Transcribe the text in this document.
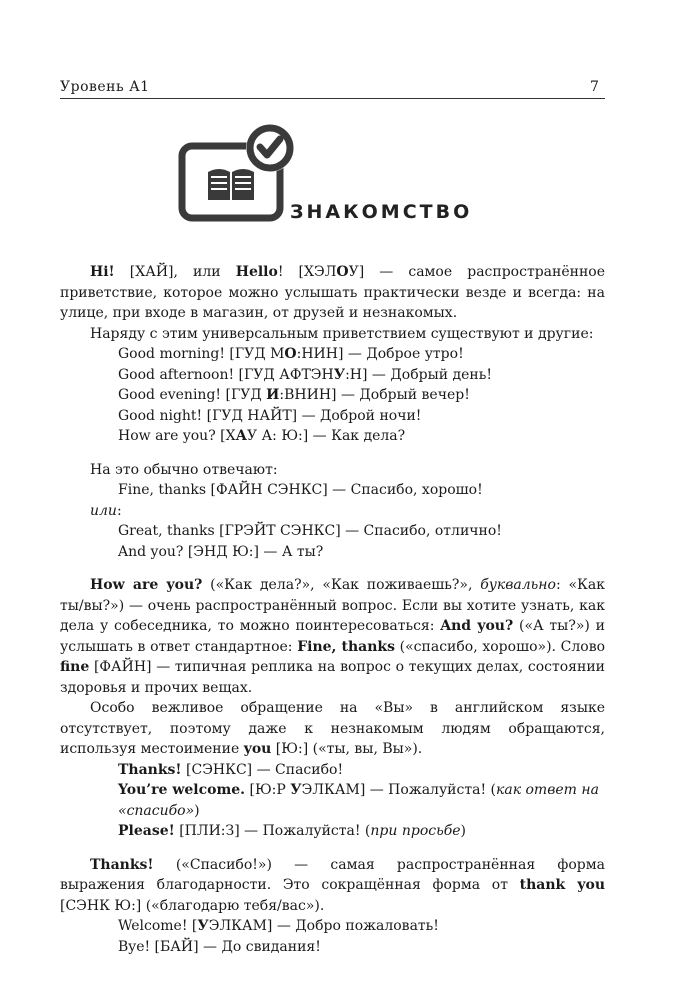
Уровень А1	7
ЗНАКОМСТВО

Hi! [ХАЙ], или Hello! [ХЭЛОУ] — самое распространённое приветствие, которое можно услышать практически везде и всегда: на улице, при входе в магазин, от друзей и незнакомых.

Наряду с этим универсальным приветствием существуют и другие:

Good morning! [ГУД МО:НИН] — Доброе утро!

Good afternoon! [ГУД АФТЭНУ:Н] — Добрый день!

Good evening! [ГУД И:ВНИН] — Добрый вечер!

Good night! [ГУД НАЙТ] — Доброй ночи!

How are you? [ХАУ А: Ю:] — Как дела?

На это обычно отвечают:

Fine, thanks [ФАЙН СЭНКС] — Спасибо, хорошо!

или:

Great, thanks [ГРЭЙТ СЭНКС] — Спасибо, отлично!

And you? [ЭНД Ю:] — А ты?

How are you? («Как дела?», «Как поживаешь?», буквально: «Как ты/вы?») — очень распространённый вопрос. Если вы хотите узнать, как дела у собеседника, то можно поинтересоваться: And you? («А ты?») и услышать в ответ стандартное: Fine, thanks («спасибо, хорошо»). Слово fine [ФАЙН] — типичная реплика на вопрос о текущих делах, состоянии здоровья и прочих вещах.

Особо вежливое обращение на «Вы» в английском языке отсутствует, поэтому даже к незнакомым людям обращаются, используя местоимение you [Ю:] («ты, вы, Вы»).

Thanks! [СЭНКС] — Спасибо!

You’re welcome. [Ю:Р УЭЛКАМ] — Пожалуйста! (как ответ на «спасибо»)

Please! [ПЛИ:З] — Пожалуйста! (при просьбе)

Thanks! («Спасибо!») — самая распространённая форма выражения благодарности. Это сокращённая форма от thank you [СЭНК Ю:] («благодарю тебя/вас»).

Welcome! [УЭЛКАМ] — Добро пожаловать!

Bye! [БАЙ] — До свидания!
